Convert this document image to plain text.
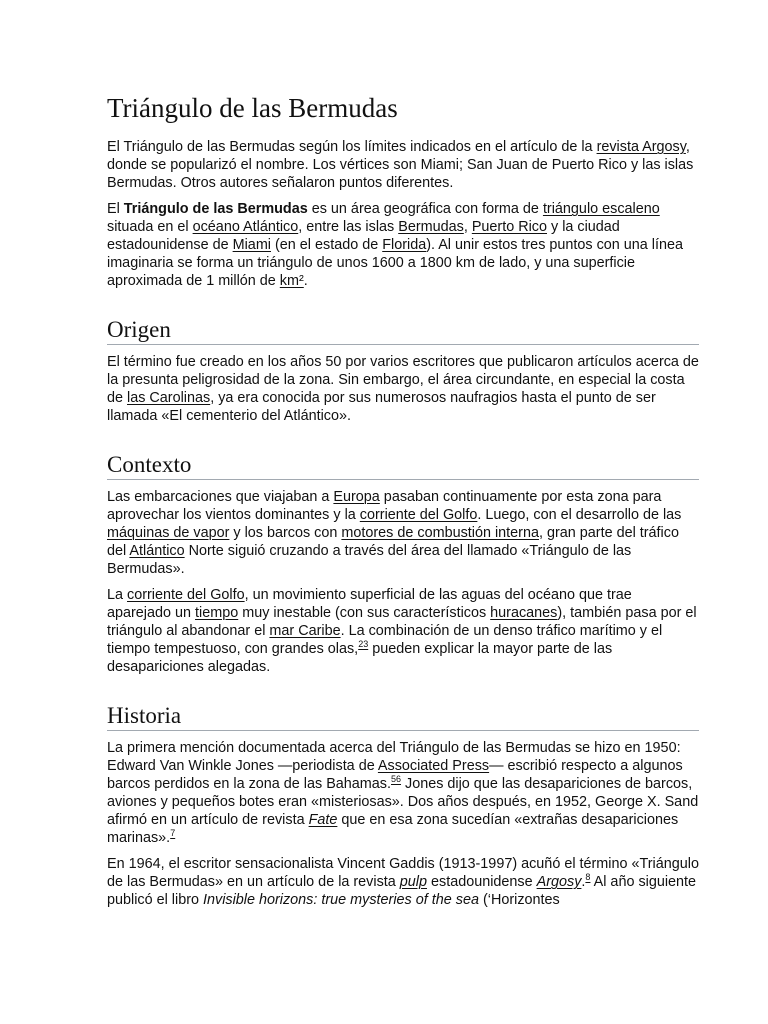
Triángulo de las Bermudas

El Triángulo de las Bermudas según los límites indicados en el artículo de la revista Argosy, donde se popularizó el nombre. Los vértices son Miami; San Juan de Puerto Rico y las islas Bermudas. Otros autores señalaron puntos diferentes.

El Triángulo de las Bermudas es un área geográfica con forma de triángulo escaleno situada en el océano Atlántico, entre las islas Bermudas, Puerto Rico y la ciudad estadounidense de Miami (en el estado de Florida). Al unir estos tres puntos con una línea imaginaria se forma un triángulo de unos 1600 a 1800 km de lado, y una superficie aproximada de 1 millón de km².

Origen

El término fue creado en los años 50 por varios escritores que publicaron artículos acerca de la presunta peligrosidad de la zona. Sin embargo, el área circundante, en especial la costa de las Carolinas, ya era conocida por sus numerosos naufragios hasta el punto de ser llamada «El cementerio del Atlántico».

Contexto

Las embarcaciones que viajaban a Europa pasaban continuamente por esta zona para aprovechar los vientos dominantes y la corriente del Golfo. Luego, con el desarrollo de las máquinas de vapor y los barcos con motores de combustión interna, gran parte del tráfico del Atlántico Norte siguió cruzando a través del área del llamado «Triángulo de las Bermudas».

La corriente del Golfo, un movimiento superficial de las aguas del océano que trae aparejado un tiempo muy inestable (con sus característicos huracanes), también pasa por el triángulo al abandonar el mar Caribe. La combinación de un denso tráfico marítimo y el tiempo tempestuoso, con grandes olas,$^{23}$ pueden explicar la mayor parte de las desapariciones alegadas.

Historia

La primera mención documentada acerca del Triángulo de las Bermudas se hizo en 1950: Edward Van Winkle Jones —periodista de Associated Press— escribió respecto a algunos barcos perdidos en la zona de las Bahamas.$^{56}$ Jones dijo que las desapariciones de barcos, aviones y pequeños botes eran «misteriosas». Dos años después, en 1952, George X. Sand afirmó en un artículo de revista Fate que en esa zona sucedían «extrañas desapariciones marinas».$^7$

En 1964, el escritor sensacionalista Vincent Gaddis (1913-1997) acuñó el término «Triángulo de las Bermudas» en un artículo de la revista pulp estadounidense Argosy.$^8$ Al año siguiente publicó el libro Invisible horizons: true mysteries of the sea (‘Horizontes
